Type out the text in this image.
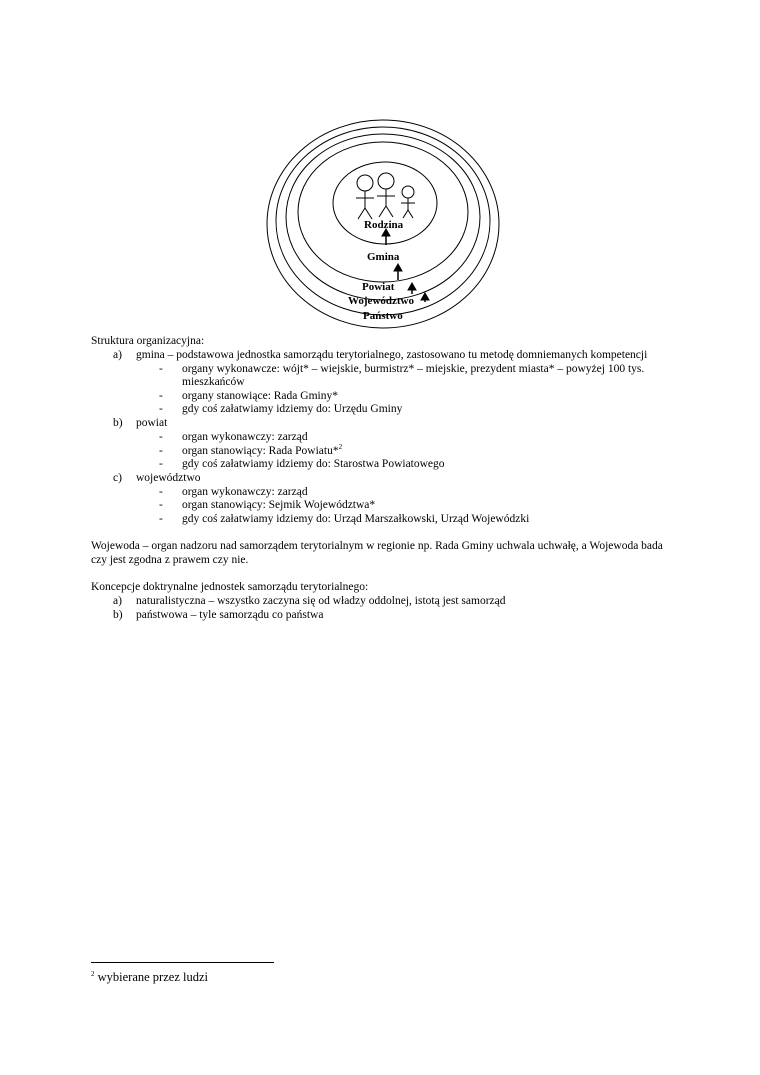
Rodzina
Gmina
Powiat
Województwo
Państwo
Struktura organizacyjna:
a) gmina – podstawowa jednostka samorządu terytorialnego, zastosowano tu metodę domniemanych kompetencji
- organy wykonawcze: wójt* – wiejskie, burmistrz* – miejskie, prezydent miasta* – powyżej 100 tys.
mieszkańców
- organy stanowiące: Rada Gminy*
- gdy coś załatwiamy idziemy do: Urzędu Gminy
b) powiat
- organ wykonawczy: zarząd
- organ stanowiący: Rada Powiatu*$^2$
- gdy coś załatwiamy idziemy do: Starostwa Powiatowego
c) województwo
- organ wykonawczy: zarząd
- organ stanowiący: Sejmik Województwa*
- gdy coś załatwiamy idziemy do: Urząd Marszałkowski, Urząd Wojewódzki
Wojewoda – organ nadzoru nad samorządem terytorialnym w regionie np. Rada Gminy uchwala uchwałę, a Wojewoda bada
czy jest zgodna z prawem czy nie.
Koncepcje doktrynalne jednostek samorządu terytorialnego:
a) naturalistyczna – wszystko zaczyna się od władzy oddolnej, istotą jest samorząd
b) państwowa – tyle samorządu co państwa
$^2$ wybierane przez ludzi
